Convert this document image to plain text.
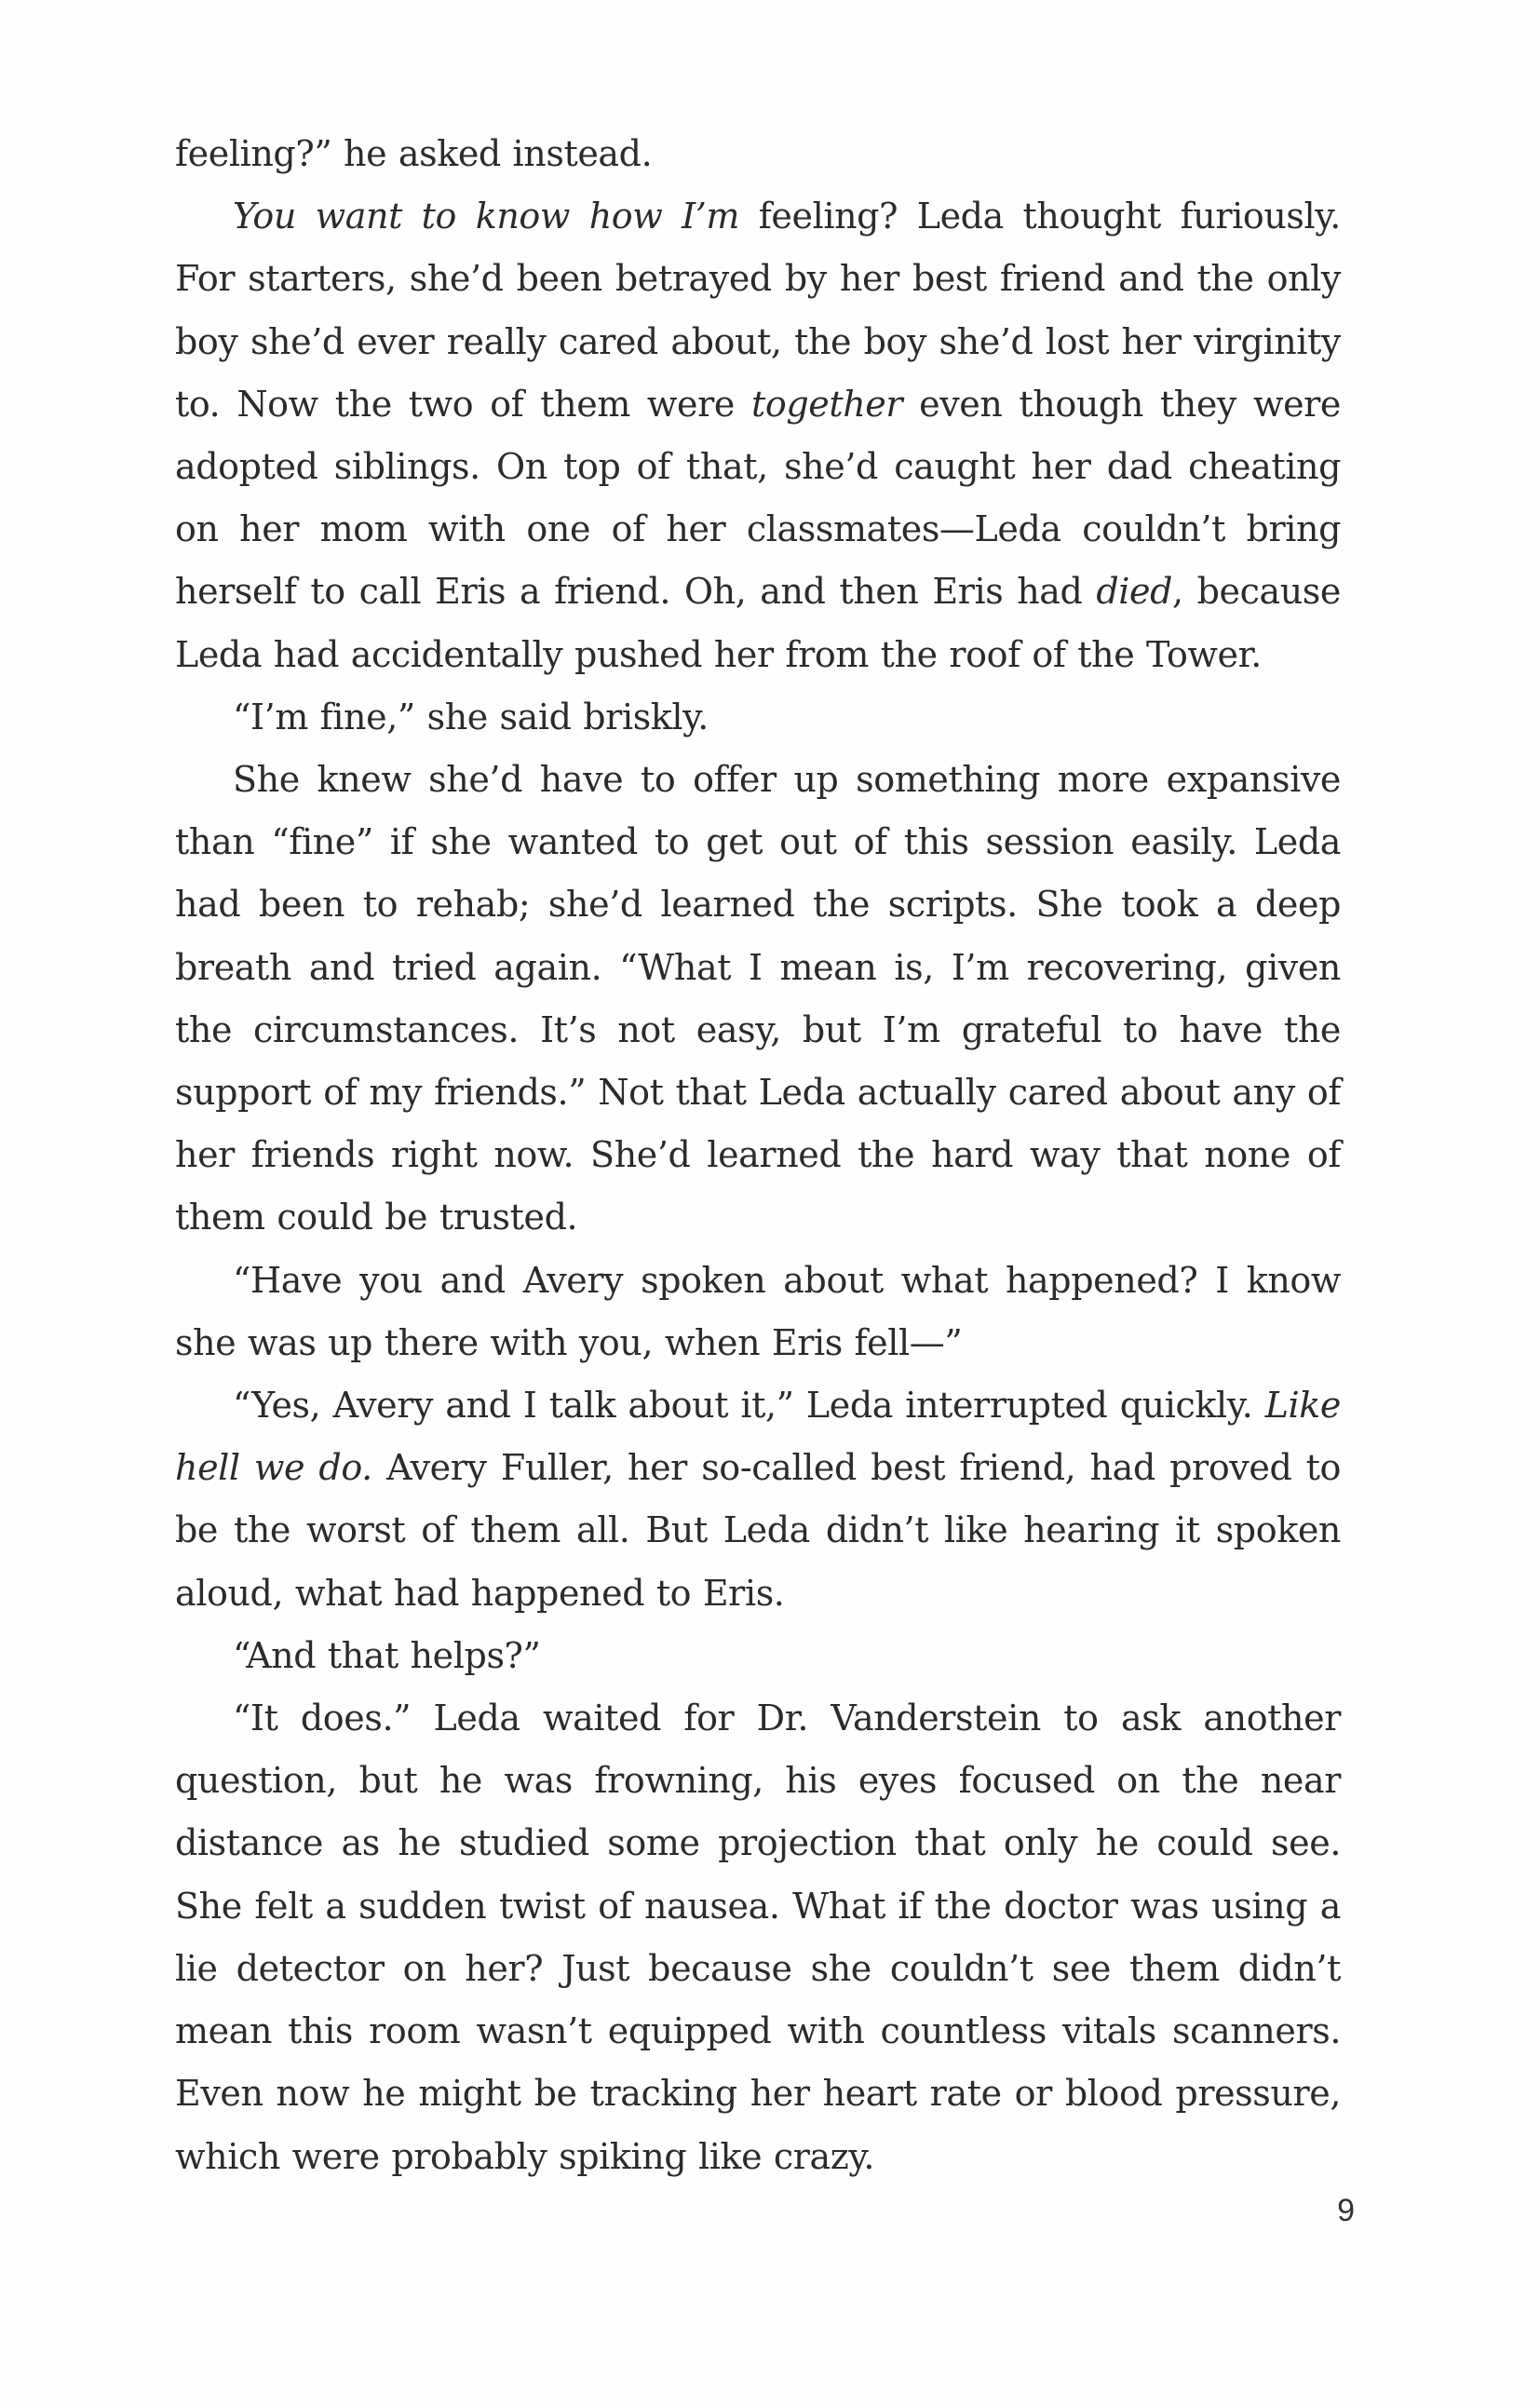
feeling?” he asked instead.

You want to know how I’m feeling? Leda thought furiously. For starters, she’d been betrayed by her best friend and the only boy she’d ever really cared about, the boy she’d lost her virginity to. Now the two of them were together even though they were adopted siblings. On top of that, she’d caught her dad cheating on her mom with one of her classmates—Leda couldn’t bring herself to call Eris a friend. Oh, and then Eris had died, because Leda had accidentally pushed her from the roof of the Tower.

“I’m fine,” she said briskly.

She knew she’d have to offer up something more expansive than “fine” if she wanted to get out of this session easily. Leda had been to rehab; she’d learned the scripts. She took a deep breath and tried again. “What I mean is, I’m recovering, given the circumstances. It’s not easy, but I’m grateful to have the support of my friends.” Not that Leda actually cared about any of her friends right now. She’d learned the hard way that none of them could be trusted.

“Have you and Avery spoken about what happened? I know she was up there with you, when Eris fell—”

“Yes, Avery and I talk about it,” Leda interrupted quickly. Like hell we do. Avery Fuller, her so-called best friend, had proved to be the worst of them all. But Leda didn’t like hearing it spoken aloud, what had happened to Eris.

“And that helps?”

“It does.” Leda waited for Dr. Vanderstein to ask another question, but he was frowning, his eyes focused on the near distance as he studied some projection that only he could see. She felt a sudden twist of nausea. What if the doctor was using a lie detector on her? Just because she couldn’t see them didn’t mean this room wasn’t equipped with countless vitals scanners. Even now he might be tracking her heart rate or blood pressure, which were probably spiking like crazy.

9
